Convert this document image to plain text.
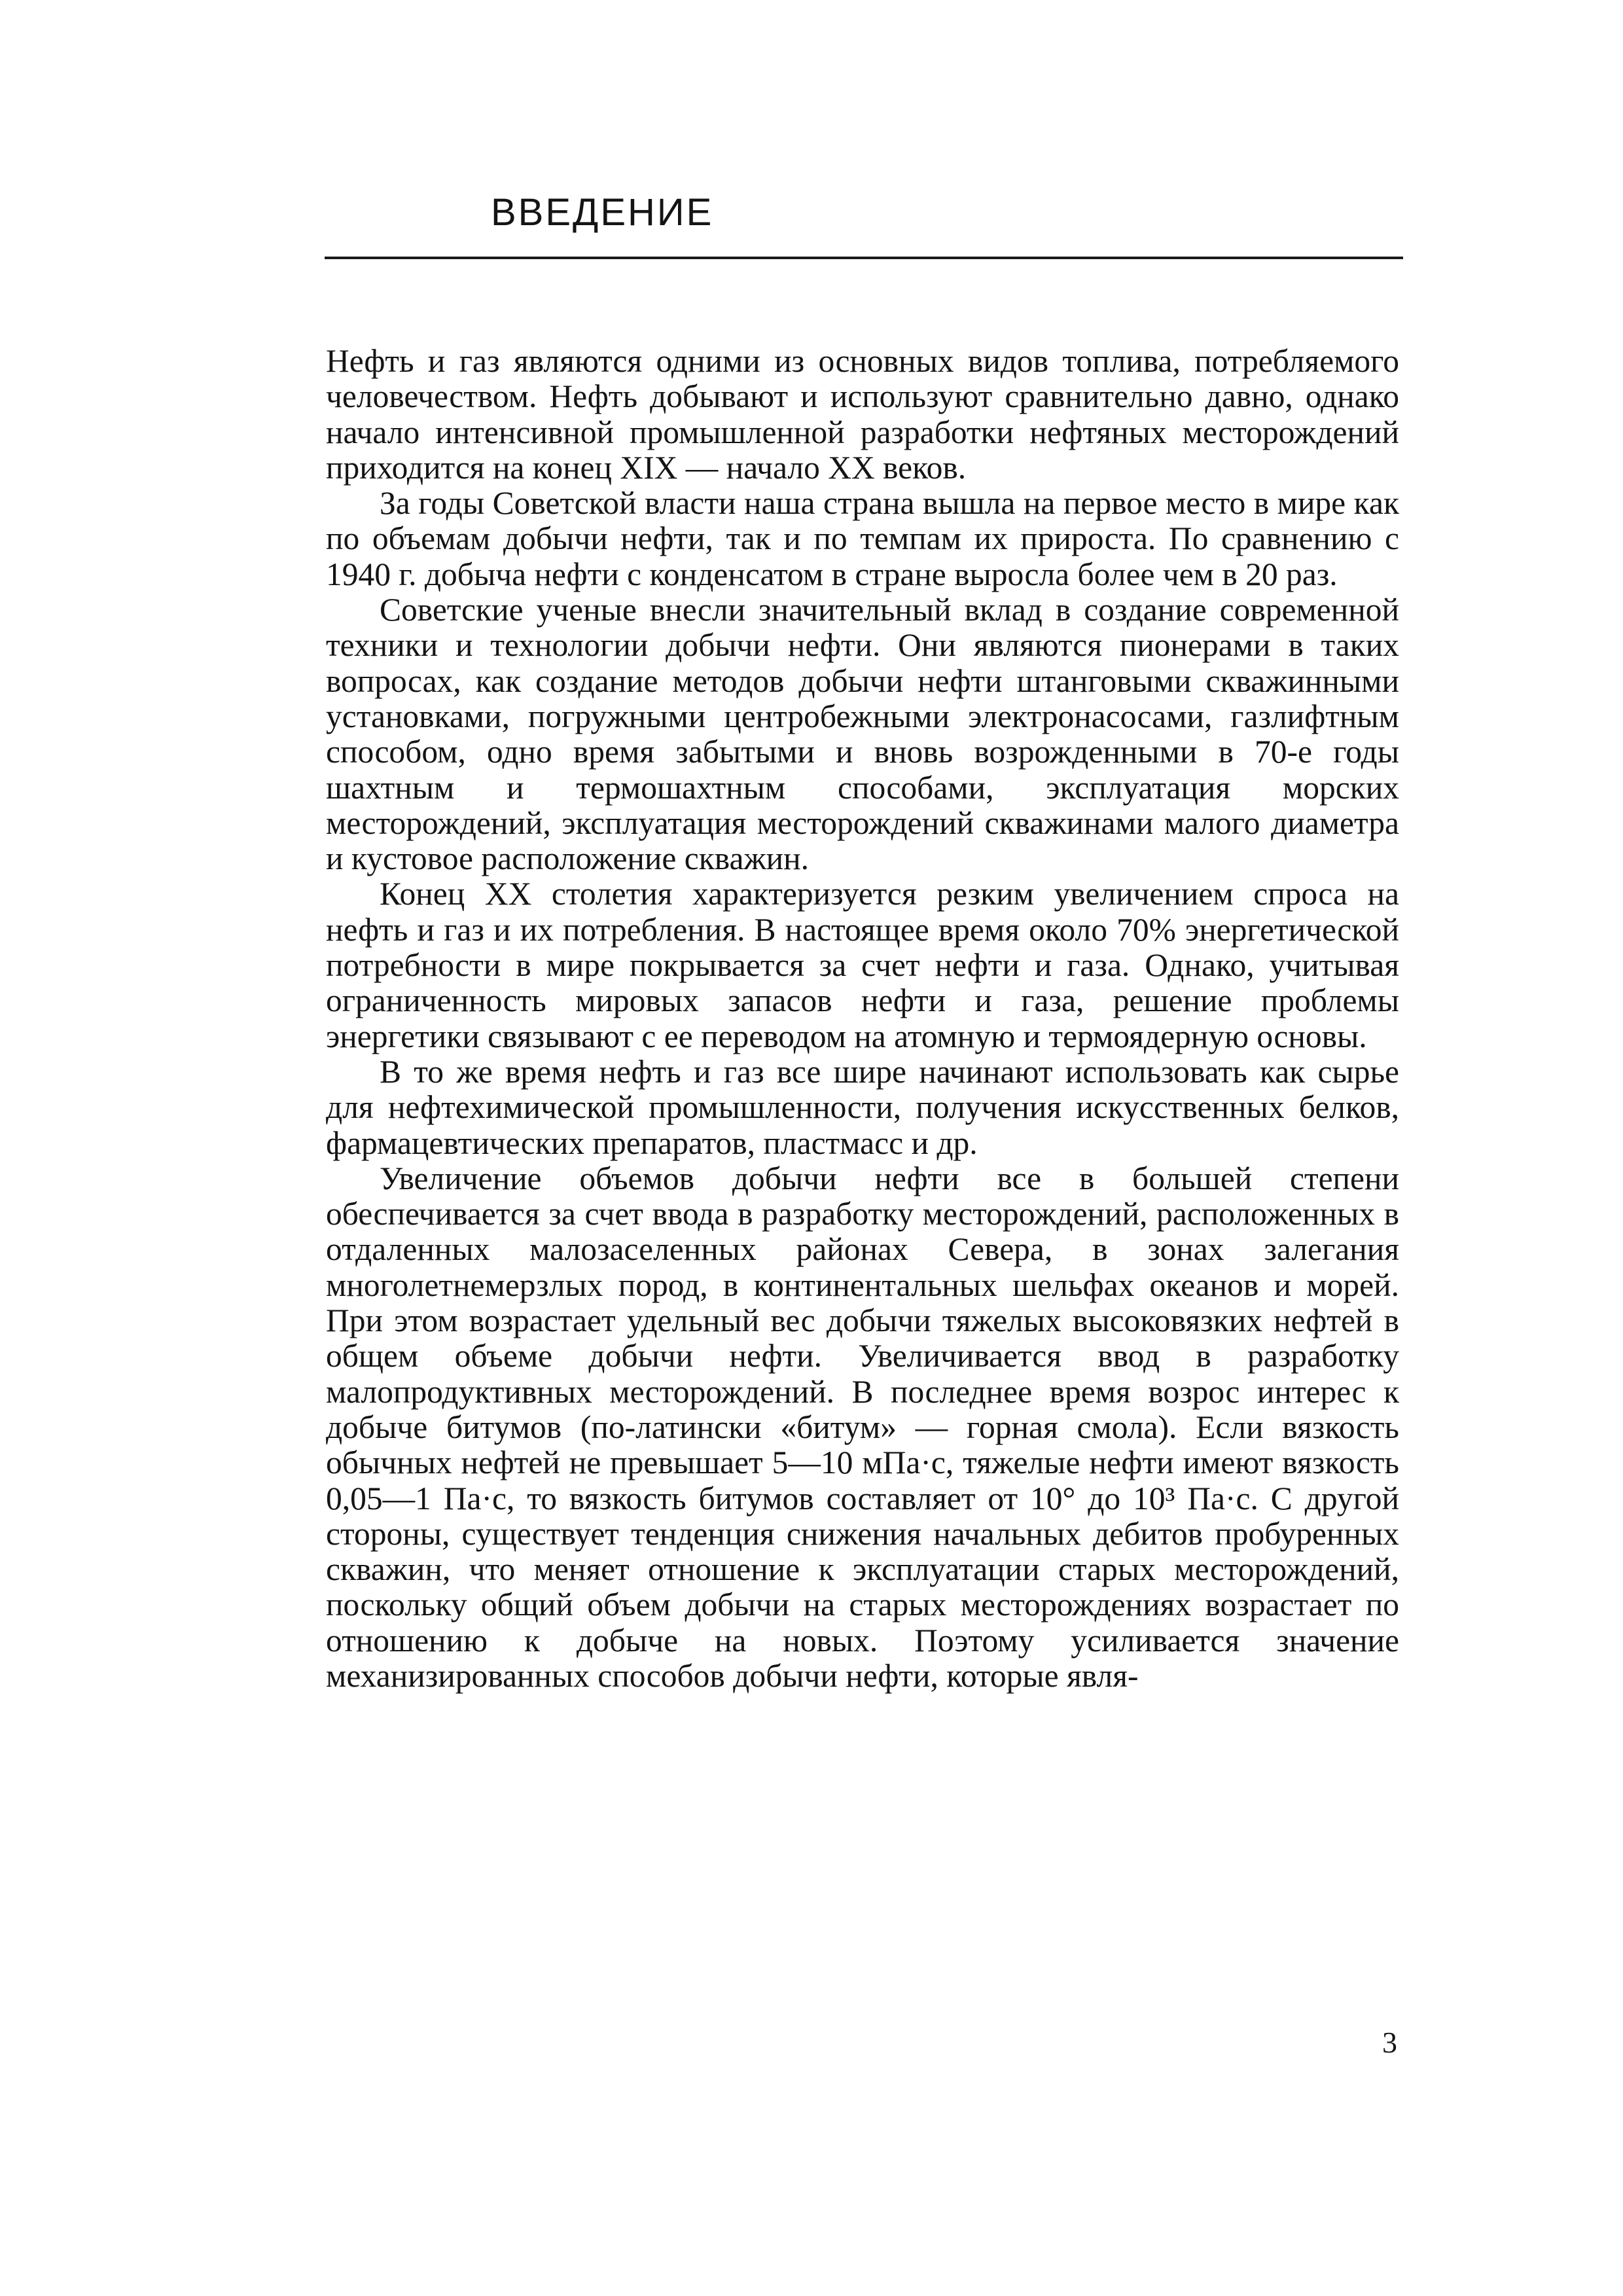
ВВЕДЕНИЕ

Нефть и газ являются одними из основных видов топлива, потребляемого человечеством. Нефть добывают и используют сравнительно давно, однако начало интенсивной промышленной разработки нефтяных месторождений приходится на конец XIX — начало XX веков.

За годы Советской власти наша страна вышла на первое место в мире как по объемам добычи нефти, так и по темпам их прироста. По сравнению с 1940 г. добыча нефти с конденсатом в стране выросла более чем в 20 раз.

Советские ученые внесли значительный вклад в создание современной техники и технологии добычи нефти. Они являются пионерами в таких вопросах, как создание методов добычи нефти штанговыми скважинными установками, погружными центробежными электронасосами, газлифтным способом, одно время забытыми и вновь возрожденными в 70-е годы шахтным и термошахтным способами, эксплуатация морских месторождений, эксплуатация месторождений скважинами малого диаметра и кустовое расположение скважин.

Конец XX столетия характеризуется резким увеличением спроса на нефть и газ и их потребления. В настоящее время около 70% энергетической потребности в мире покрывается за счет нефти и газа. Однако, учитывая ограниченность мировых запасов нефти и газа, решение проблемы энергетики связывают с ее переводом на атомную и термоядерную основы.

В то же время нефть и газ все шире начинают использовать как сырье для нефтехимической промышленности, получения искусственных белков, фармацевтических препаратов, пластмасс и др.

Увеличение объемов добычи нефти все в большей степени обеспечивается за счет ввода в разработку месторождений, расположенных в отдаленных малозаселенных районах Севера, в зонах залегания многолетнемерзлых пород, в континентальных шельфах океанов и морей. При этом возрастает удельный вес добычи тяжелых высоковязких нефтей в общем объеме добычи нефти. Увеличивается ввод в разработку малопродуктивных месторождений. В последнее время возрос интерес к добыче битумов (по-латински «битум» — горная смола). Если вязкость обычных нефтей не превышает 5—10 мПа·с, тяжелые нефти имеют вязкость 0,05—1 Па·с, то вязкость битумов составляет от 10° до 10³ Па·с. С другой стороны, существует тенденция снижения начальных дебитов пробуренных скважин, что меняет отношение к эксплуатации старых месторождений, поскольку общий объем добычи на старых месторождениях возрастает по отношению к добыче на новых. Поэтому усиливается значение механизированных способов добычи нефти, которые явля-

3
